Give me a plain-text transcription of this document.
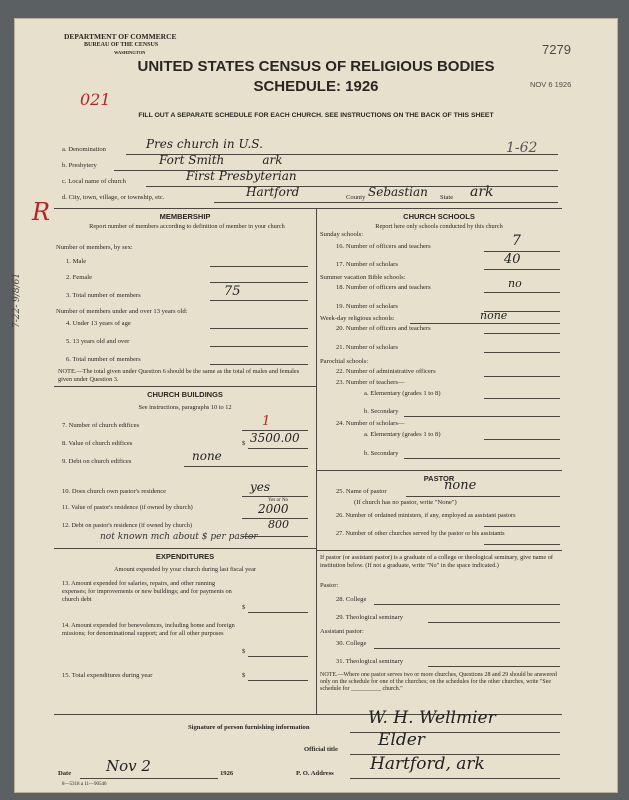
DEPARTMENT OF COMMERCE
BUREAU OF THE CENSUS
WASHINGTON	7279
NOV 6 1926
UNITED STATES CENSUS OF RELIGIOUS BODIES
SCHEDULE: 1926
021
FILL OUT A SEPARATE SCHEDULE FOR EACH CHURCH. SEE INSTRUCTIONS ON THE BACK OF THIS SHEET
a. Denomination	Pres church in U.S.	1-62
b. Presbytery	Fort Smith          ark
c. Local name of church	First Presbyterian
d. City, town, village, or township, etc.	Hartford	County Sebastian State ark
R	MEMBERSHIP
Report number of members according to definition of member in your church
Number of members, by sex:
1. Male
2. Female
3. Total number of members	75
Number of members under and over 13 years old:
4. Under 13 years of age
5. 13 years old and over
6. Total number of members
NOTE.—The total given under Question 6 should be the same as the total of males and females given under Question 3.
7-22- 9/8/61
CHURCH BUILDINGS
See instructions, paragraphs 10 to 12
7. Number of church edifices	1
8. Value of church edifices	$ 3500.00
9. Debt on church edifices	none
10. Does church own pastor's residence	yes
Yes or No
11. Value of pastor's residence (if owned by church)	2000
12. Debt on pastor's residence (if owned by church)	800
not known mch about $ per pastor
EXPENDITURES
Amount expended by your church during last fiscal year
13. Amount expended for salaries, repairs, and other running expenses; for improvements or new buildings; and for payments on church debt
$
14. Amount expended for benevolences, including home and foreign missions; for denominational support; and for all other purposes
$
15. Total expenditures during year	$
CHURCH SCHOOLS
Report here only schools conducted by this church
Sunday schools:
16. Number of officers and teachers	7
17. Number of scholars	40
Summer vacation Bible schools:
18. Number of officers and teachers	no
19. Number of scholars
Week-day religious schools:	none
20. Number of officers and teachers
21. Number of scholars
Parochial schools:
22. Number of administrative officers
23. Number of teachers—
a. Elementary (grades 1 to 8)
b. Secondary
24. Number of scholars—
a. Elementary (grades 1 to 8)
b. Secondary
PASTOR
25. Name of pastor	none
(If church has no pastor, write "None")
26. Number of ordained ministers, if any, employed as assistant pastors
27. Number of other churches served by the pastor or his assistants
If pastor (or assistant pastor) is a graduate of a college or theological seminary, give name of institution below. (If not a graduate, write "No" in the space indicated.)
Pastor:
28. College
29. Theological seminary
Assistant pastor:
30. College
31. Theological seminary
NOTE.—Where one pastor serves two or more churches, Questions 28 and 29 should be answered only on the schedule for one of the churches; on the schedules for the other churches, write "See schedule for __________ church."
Signature of person furnishing information	W. H. Wellmier
Official title Elder
Date Nov 2	1926	P. O. Address Hartford, ark
8—5318 a 11—90546
